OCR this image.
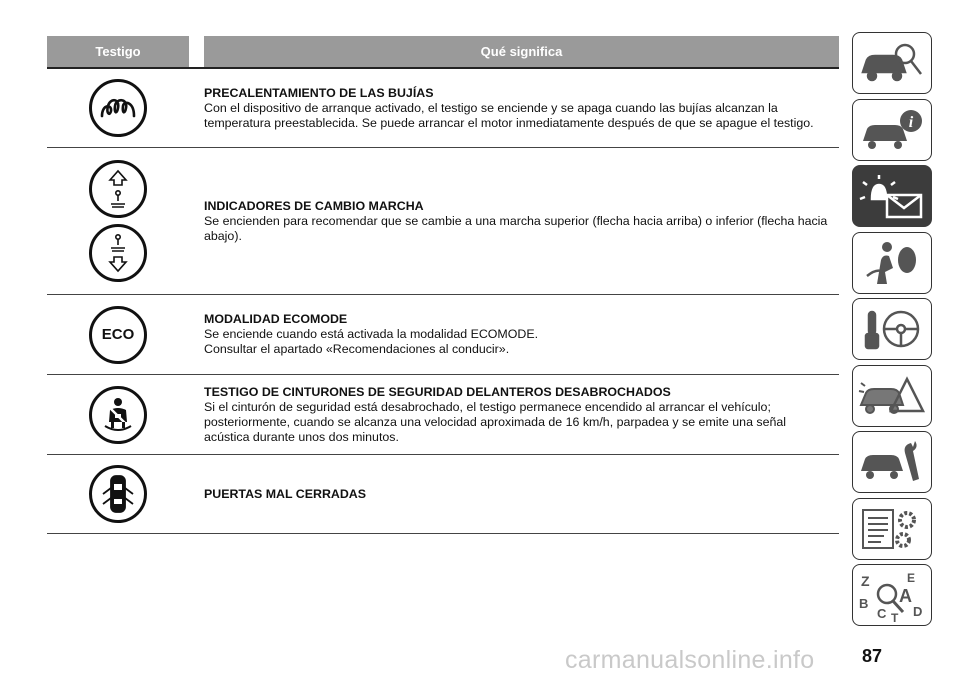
Testigo	Qué significa
PRECALENTAMIENTO DE LAS BUJÍAS
Con el dispositivo de arranque activado, el testigo se enciende y se apaga cuando las bujías alcanzan la
temperatura preestablecida. Se puede arrancar el motor inmediatamente después de que se apague el testigo.
INDICADORES DE CAMBIO MARCHA
Se encienden para recomendar que se cambie a una marcha superior (flecha hacia arriba) o inferior (flecha hacia
abajo).
ECO
MODALIDAD ECOMODE
Se enciende cuando está activada la modalidad ECOMODE.
Consultar el apartado «Recomendaciones al conducir».
TESTIGO DE CINTURONES DE SEGURIDAD DELANTEROS DESABROCHADOS
Si el cinturón de seguridad está desabrochado, el testigo permanece encendido al arrancar el vehículo;
posteriormente, cuando se alcanza una velocidad aproximada de 16 km/h, parpadea y se emite una señal
acústica durante unos dos minutos.
PUERTAS MAL CERRADAS
i
Z	E
A
B
C D
T
87
carmanualsonline.info
